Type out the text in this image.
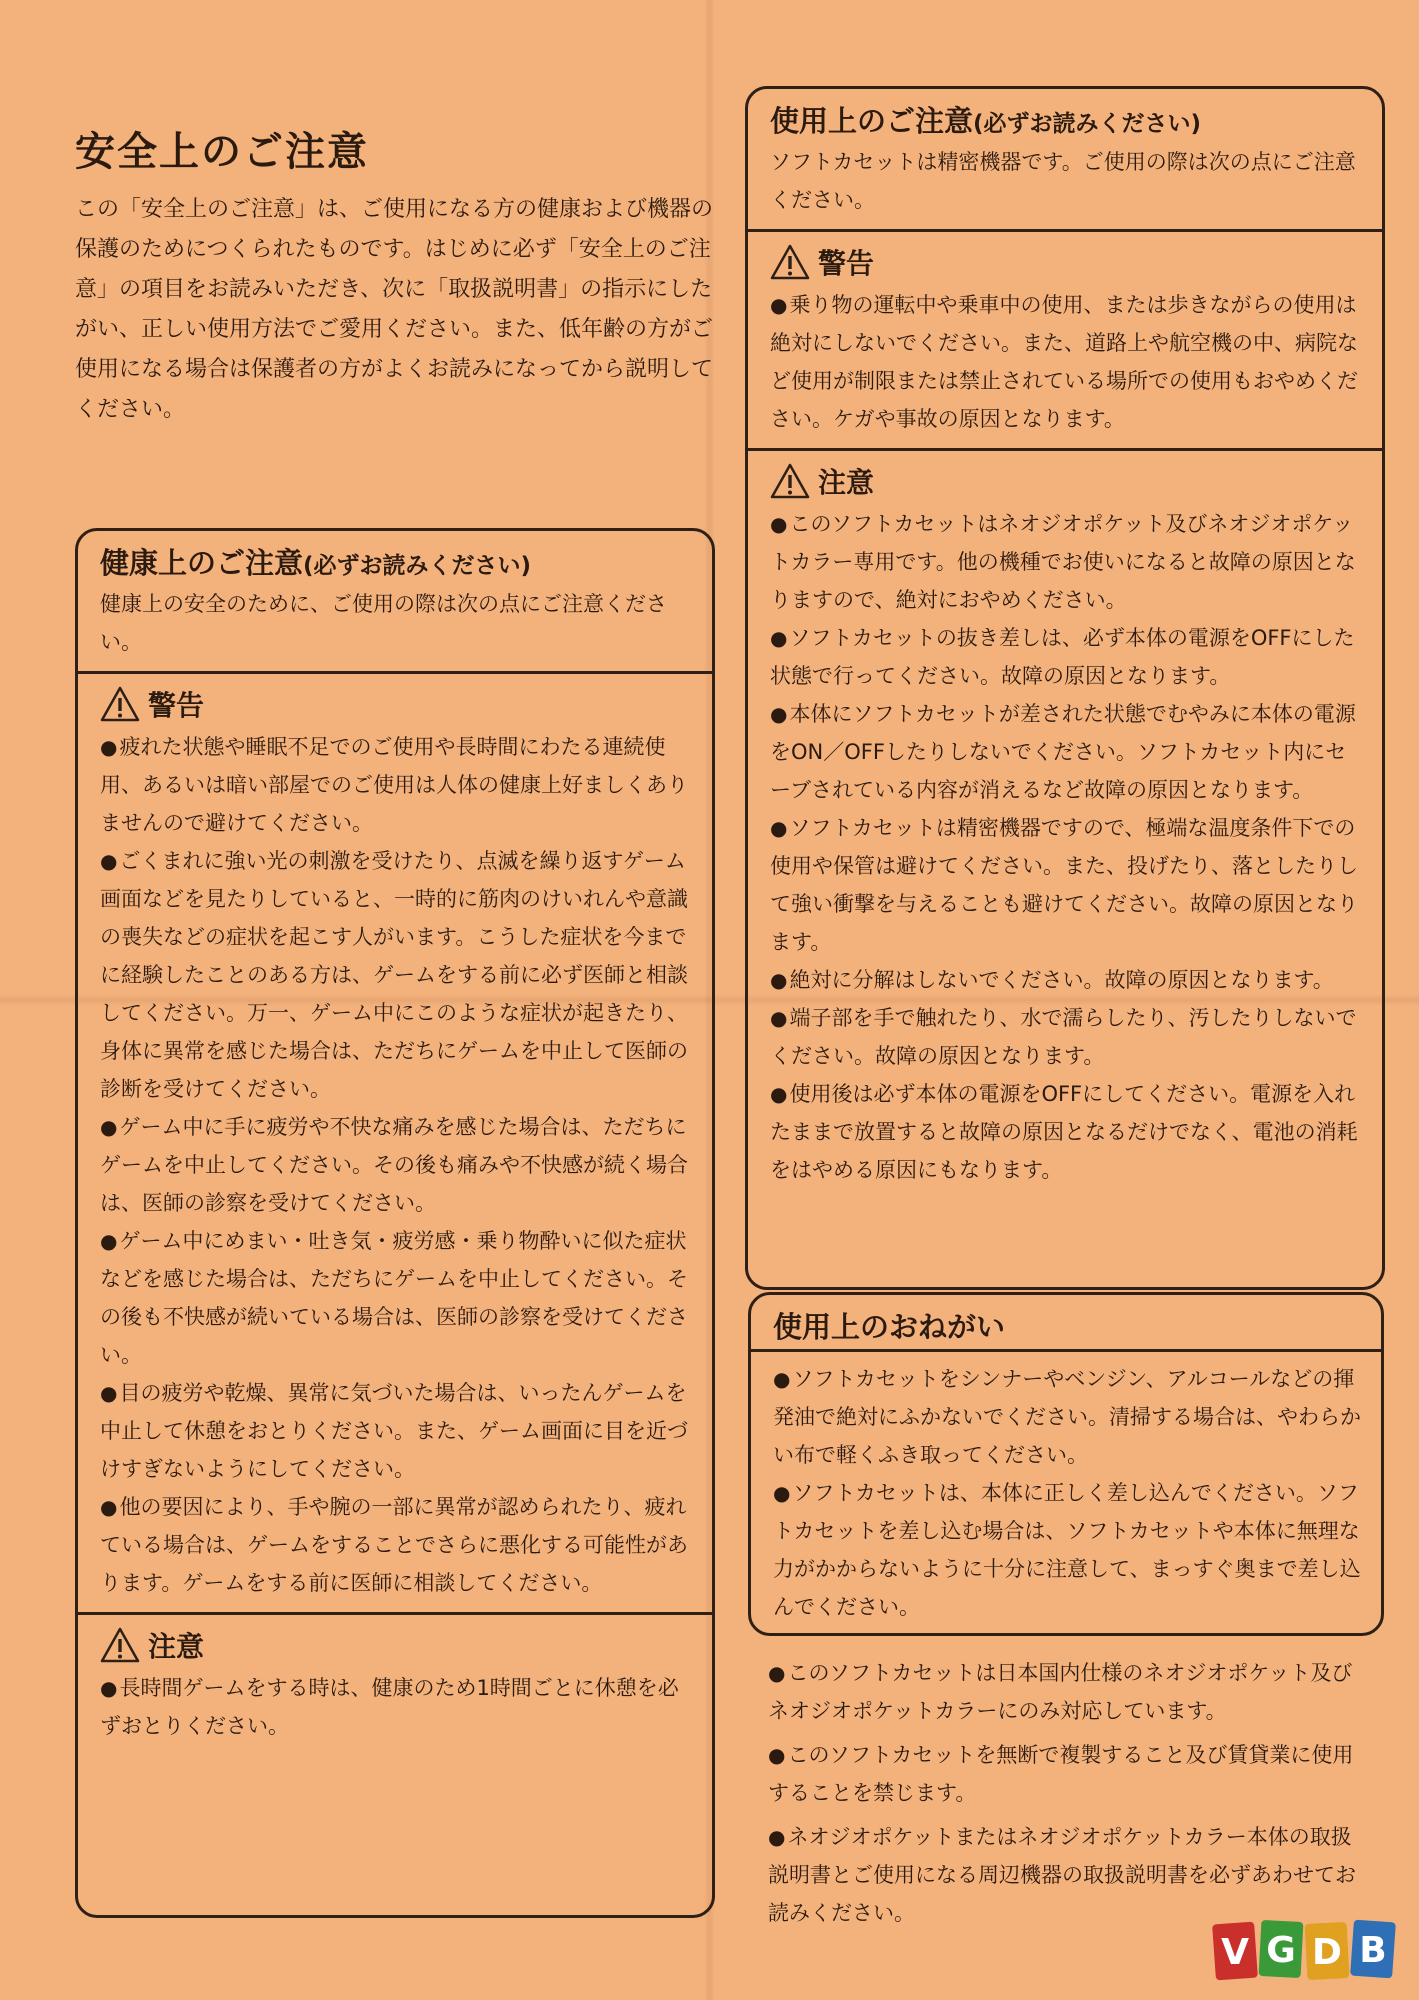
安全上のご注意

この「安全上のご注意」は、ご使用になる方の健康および機器の保護のためにつくられたものです。はじめに必ず「安全上のご注意」の項目をお読みいただき、次に「取扱説明書」の指示にしたがい、正しい使用方法でご愛用ください。また、低年齢の方がご使用になる場合は保護者の方がよくお読みになってから説明してください。

健康上のご注意(必ずお読みください)
健康上の安全のために、ご使用の際は次の点にご注意ください。
警告

●疲れた状態や睡眠不足でのご使用や長時間にわたる連続使用、あるいは暗い部屋でのご使用は人体の健康上好ましくありませんので避けてください。

●ごくまれに強い光の刺激を受けたり、点滅を繰り返すゲーム画面などを見たりしていると、一時的に筋肉のけいれんや意識の喪失などの症状を起こす人がいます。こうした症状を今までに経験したことのある方は、ゲームをする前に必ず医師と相談してください。万一、ゲーム中にこのような症状が起きたり、身体に異常を感じた場合は、ただちにゲームを中止して医師の診断を受けてください。

●ゲーム中に手に疲労や不快な痛みを感じた場合は、ただちにゲームを中止してください。その後も痛みや不快感が続く場合は、医師の診察を受けてください。

●ゲーム中にめまい・吐き気・疲労感・乗り物酔いに似た症状などを感じた場合は、ただちにゲームを中止してください。その後も不快感が続いている場合は、医師の診察を受けてください。

●目の疲労や乾燥、異常に気づいた場合は、いったんゲームを中止して休憩をおとりください。また、ゲーム画面に目を近づけすぎないようにしてください。

●他の要因により、手や腕の一部に異常が認められたり、疲れている場合は、ゲームをすることでさらに悪化する可能性があります。ゲームをする前に医師に相談してください。

注意

●長時間ゲームをする時は、健康のため1時間ごとに休憩を必ずおとりください。

使用上のご注意(必ずお読みください)
ソフトカセットは精密機器です。ご使用の際は次の点にご注意ください。
警告

●乗り物の運転中や乗車中の使用、または歩きながらの使用は絶対にしないでください。また、道路上や航空機の中、病院など使用が制限または禁止されている場所での使用もおやめください。ケガや事故の原因となります。

注意

●このソフトカセットはネオジオポケット及びネオジオポケットカラー専用です。他の機種でお使いになると故障の原因となりますので、絶対におやめください。

●ソフトカセットの抜き差しは、必ず本体の電源をOFFにした状態で行ってください。故障の原因となります。

●本体にソフトカセットが差された状態でむやみに本体の電源をON／OFFしたりしないでください。ソフトカセット内にセーブされている内容が消えるなど故障の原因となります。

●ソフトカセットは精密機器ですので、極端な温度条件下での使用や保管は避けてください。また、投げたり、落としたりして強い衝撃を与えることも避けてください。故障の原因となります。

●絶対に分解はしないでください。故障の原因となります。

●端子部を手で触れたり、水で濡らしたり、汚したりしないでください。故障の原因となります。

●使用後は必ず本体の電源をOFFにしてください。電源を入れたままで放置すると故障の原因となるだけでなく、電池の消耗をはやめる原因にもなります。

使用上のおねがい

●ソフトカセットをシンナーやベンジン、アルコールなどの揮発油で絶対にふかないでください。清掃する場合は、やわらかい布で軽くふき取ってください。

●ソフトカセットは、本体に正しく差し込んでください。ソフトカセットを差し込む場合は、ソフトカセットや本体に無理な力がかからないように十分に注意して、まっすぐ奥まで差し込んでください。

●このソフトカセットは日本国内仕様のネオジオポケット及びネオジオポケットカラーにのみ対応しています。

●このソフトカセットを無断で複製すること及び賃貸業に使用することを禁じます。

●ネオジオポケットまたはネオジオポケットカラー本体の取扱説明書とご使用になる周辺機器の取扱説明書を必ずあわせてお読みください。

V G D B
